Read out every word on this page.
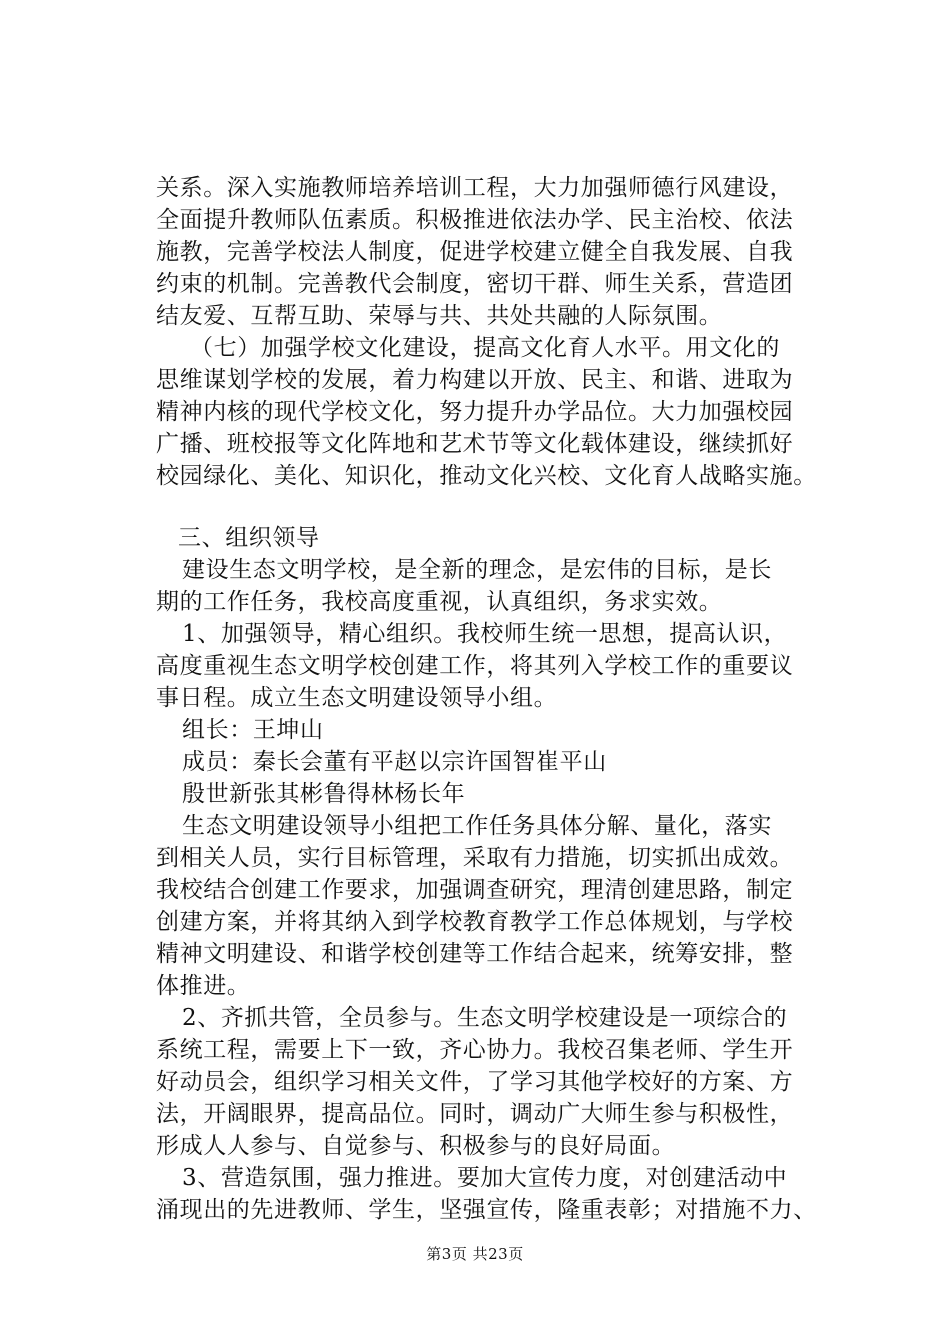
关系。深入实施教师培养培训工程，大力加强师德行风建设，
全面提升教师队伍素质。积极推进依法办学、民主治校、依法
施教，完善学校法人制度，促进学校建立健全自我发展、自我
约束的机制。完善教代会制度，密切干群、师生关系，营造团
结友爱、互帮互助、荣辱与共、共处共融的人际氛围。
（七）加强学校文化建设，提高文化育人水平。用文化的
思维谋划学校的发展，着力构建以开放、民主、和谐、进取为
精神内核的现代学校文化，努力提升办学品位。大力加强校园
广播、班校报等文化阵地和艺术节等文化载体建设，继续抓好
校园绿化、美化、知识化，推动文化兴校、文化育人战略实施。
三、组织领导
建设生态文明学校，是全新的理念，是宏伟的目标，是长
期的工作任务，我校高度重视，认真组织，务求实效。
1、加强领导，精心组织。我校师生统一思想，提高认识，
高度重视生态文明学校创建工作，将其列入学校工作的重要议
事日程。成立生态文明建设领导小组。
组长：王坤山
成员：秦长会董有平赵以宗许国智崔平山
殷世新张其彬鲁得林杨长年
生态文明建设领导小组把工作任务具体分解、量化，落实
到相关人员，实行目标管理，采取有力措施，切实抓出成效。
我校结合创建工作要求，加强调查研究，理清创建思路，制定
创建方案，并将其纳入到学校教育教学工作总体规划，与学校
精神文明建设、和谐学校创建等工作结合起来，统筹安排，整
体推进。
2、齐抓共管，全员参与。生态文明学校建设是一项综合的
系统工程，需要上下一致，齐心协力。我校召集老师、学生开
好动员会，组织学习相关文件，了学习其他学校好的方案、方
法，开阔眼界，提高品位。同时，调动广大师生参与积极性，
形成人人参与、自觉参与、积极参与的良好局面。
3、营造氛围，强力推进。要加大宣传力度，对创建活动中
涌现出的先进教师、学生，坚强宣传，隆重表彰；对措施不力、
第3页 共23页
